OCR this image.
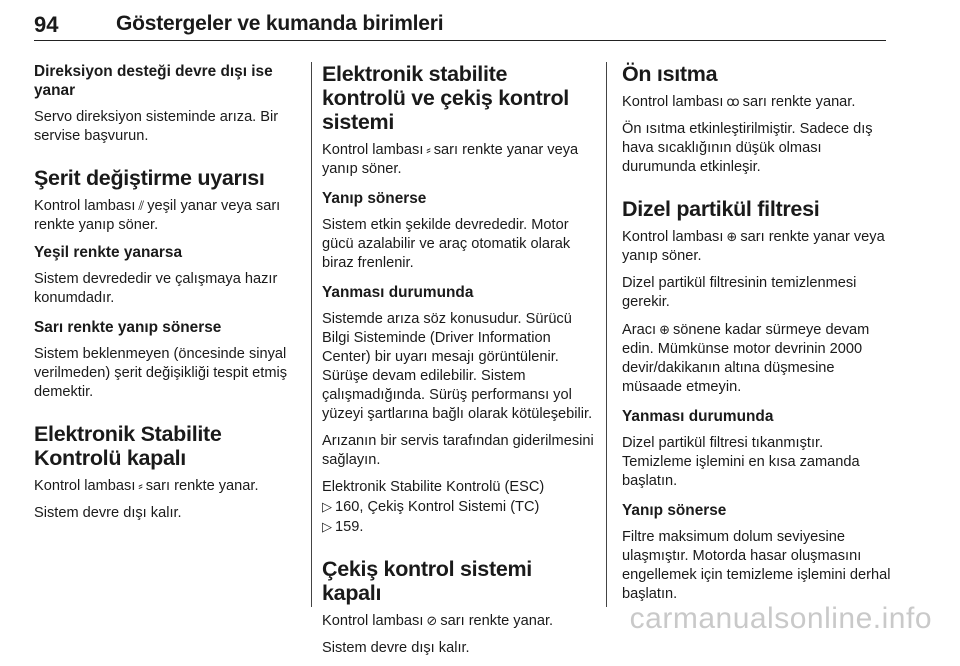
94	Göstergeler ve kumanda birimleri
Direksiyon desteği devre dışı ise yanar

Servo direksiyon sisteminde arıza. Bir servise başvurun.

Şerit değiştirme uyarısı

Kontrol lambası ⫽ yeşil yanar veya sarı renkte yanıp söner.

Yeşil renkte yanarsa

Sistem devrededir ve çalışmaya hazır konumdadır.

Sarı renkte yanıp sönerse

Sistem beklenmeyen (öncesinde sinyal verilmeden) şerit değişikliği tespit etmiş demektir.

Elektronik Stabilite Kontrolü kapalı

Kontrol lambası ⸗ sarı renkte yanar.

Sistem devre dışı kalır.

Elektronik stabilite kontrolü ve çekiş kontrol sistemi

Kontrol lambası ⸗ sarı renkte yanar veya yanıp söner.

Yanıp sönerse

Sistem etkin şekilde devrededir. Motor gücü azalabilir ve araç otomatik olarak biraz frenlenir.

Yanması durumunda

Sistemde arıza söz konusudur. Sürücü Bilgi Sisteminde (Driver Information Center) bir uyarı mesajı görüntülenir. Sürüşe devam edilebilir. Sistem çalışmadığında. Sürüş performansı yol yüzeyi şartlarına bağlı olarak kötüleşebilir.

Arızanın bir servis tarafından giderilmesini sağlayın.

Elektronik Stabilite Kontrolü (ESC)
▷ 160, Çekiş Kontrol Sistemi (TC)
▷ 159.

Çekiş kontrol sistemi kapalı

Kontrol lambası ⊘ sarı renkte yanar.

Sistem devre dışı kalır.

Ön ısıtma

Kontrol lambası ꝏ sarı renkte yanar.

Ön ısıtma etkinleştirilmiştir. Sadece dış hava sıcaklığının düşük olması durumunda etkinleşir.

Dizel partikül filtresi

Kontrol lambası ⊕ sarı renkte yanar veya yanıp söner.

Dizel partikül filtresinin temizlenmesi gerekir.

Aracı ⊕ sönene kadar sürmeye devam edin. Mümkünse motor devrinin 2000 devir/dakikanın altına düşmesine müsaade etmeyin.

Yanması durumunda

Dizel partikül filtresi tıkanmıştır. Temizleme işlemini en kısa zamanda başlatın.

Yanıp sönerse

Filtre maksimum dolum seviyesine ulaşmıştır. Motorda hasar oluşmasını engellemek için temizleme işlemini derhal başlatın.

carmanualsonline.info
